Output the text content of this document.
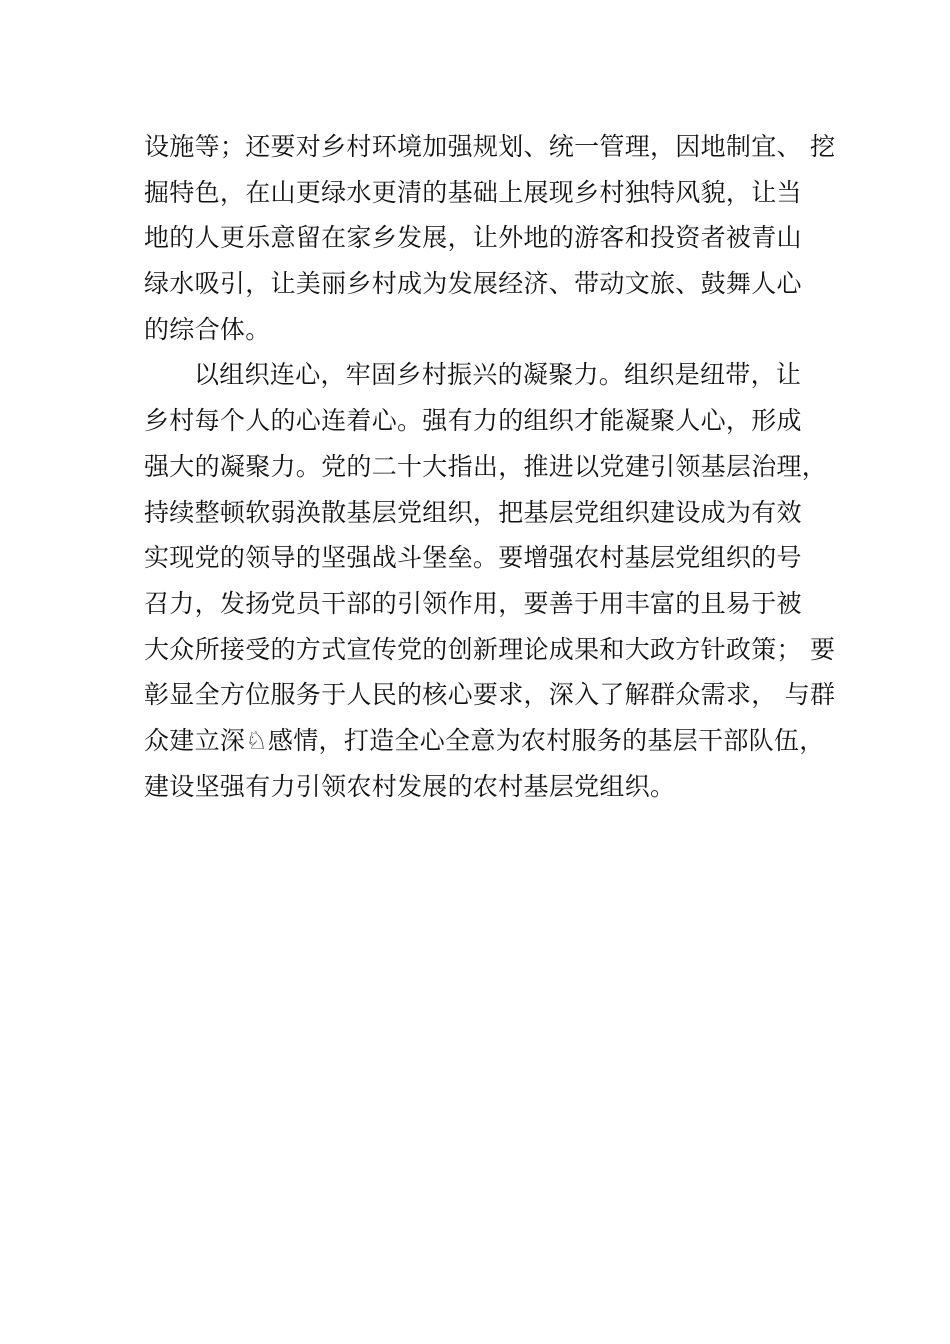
设施等；还要对乡村环境加强规划、统一管理，因地制宜、 挖
掘特色，在山更绿水更清的基础上展现乡村独特风貌，让当
地的人更乐意留在家乡发展，让外地的游客和投资者被青山
绿水吸引，让美丽乡村成为发展经济、带动文旅、鼓舞人心
的综合体。
以组织连心，牢固乡村振兴的凝聚力。组织是纽带，让
乡村每个人的心连着心。强有力的组织才能凝聚人心，形成
强大的凝聚力。党的二十大指出，推进以党建引领基层治理，
持续整顿软弱涣散基层党组织，把基层党组织建设成为有效
实现党的领导的坚强战斗堡垒。要增强农村基层党组织的号
召力，发扬党员干部的引领作用，要善于用丰富的且易于被
大众所接受的方式宣传党的创新理论成果和大政方针政策； 要
彰显全方位服务于人民的核心要求，深入了解群众需求， 与群
众建立深♘感情，打造全心全意为农村服务的基层干部队伍，
建设坚强有力引领农村发展的农村基层党组织。
